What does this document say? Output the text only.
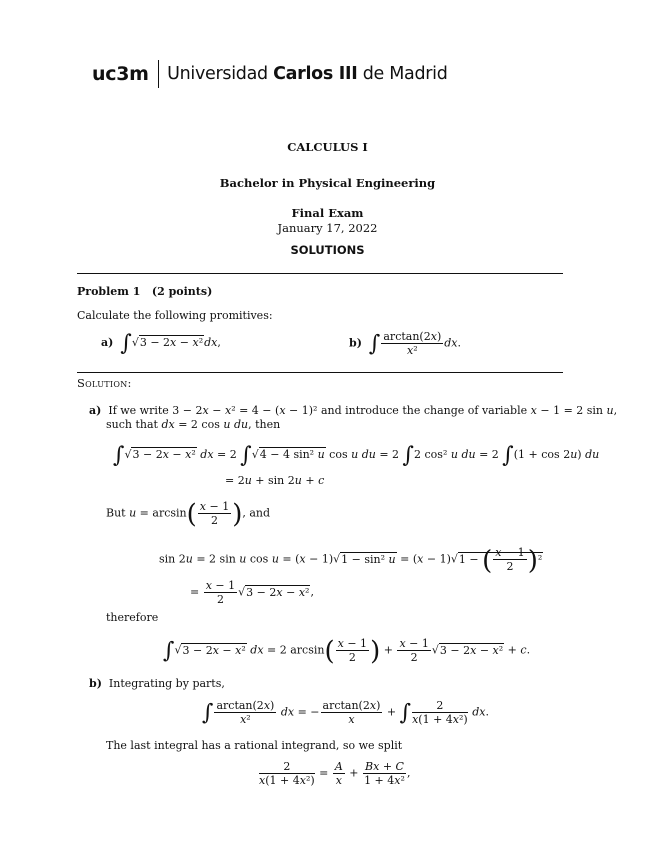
uc3m Universidad Carlos III de Madrid
CALCULUS I
Bachelor in Physical Engineering
Final Exam
January 17, 2022
SOLUTIONS
Problem 1 (2 points)
Calculate the following promitives:
a) ∫√3 − 2x − x²dx,	b) ∫ $\frac{\arctan(2x)}{\text{x²}}$ dx.
Solution:
a) If we write 3 − 2x − x² = 4 − (x − 1)² and introduce the change of variable x − 1 = 2 sin u,
such that dx = 2 cos u du, then
∫√3 − 2x − x² dx = 2 ∫√4 − 4 sin² u cos u du = 2 ∫2 cos² u du = 2 ∫(1 + cos 2u) du
= 2u + sin 2u + c
But $u = \arcsin( \frac{x - 1}{2}$ ), and
sin 2u = 2 sin u cos u = (x − 1)√1 − sin² u = (x − 1)√1 − ( $\frac{x - 1}{2} )^2$
= $\frac{x - 1}{2} √3 - 2x - x^2$,
therefore
∫√3 − 2x − x² dx = 2 $\arcsin( \frac{x - 1}{2}$ ) + $\frac{x - 1}{2} √3 - 2x - x^2 + c$.
b) Integrating by parts,
∫ $\frac{\arctan(2x)}{\text{x²}}$ dx = − $\frac{\arctan(2x)}{x}$ + ∫ $\frac{2}{\text{x(1 + 4x²)}}$ dx.
The last integral has a rational integrand, so we split
$\frac{2}{\text{x(1 + 4x²)}} = \frac{A}{x} + \frac{Bx + C}{\text{1 + 4x²}}$ ,
